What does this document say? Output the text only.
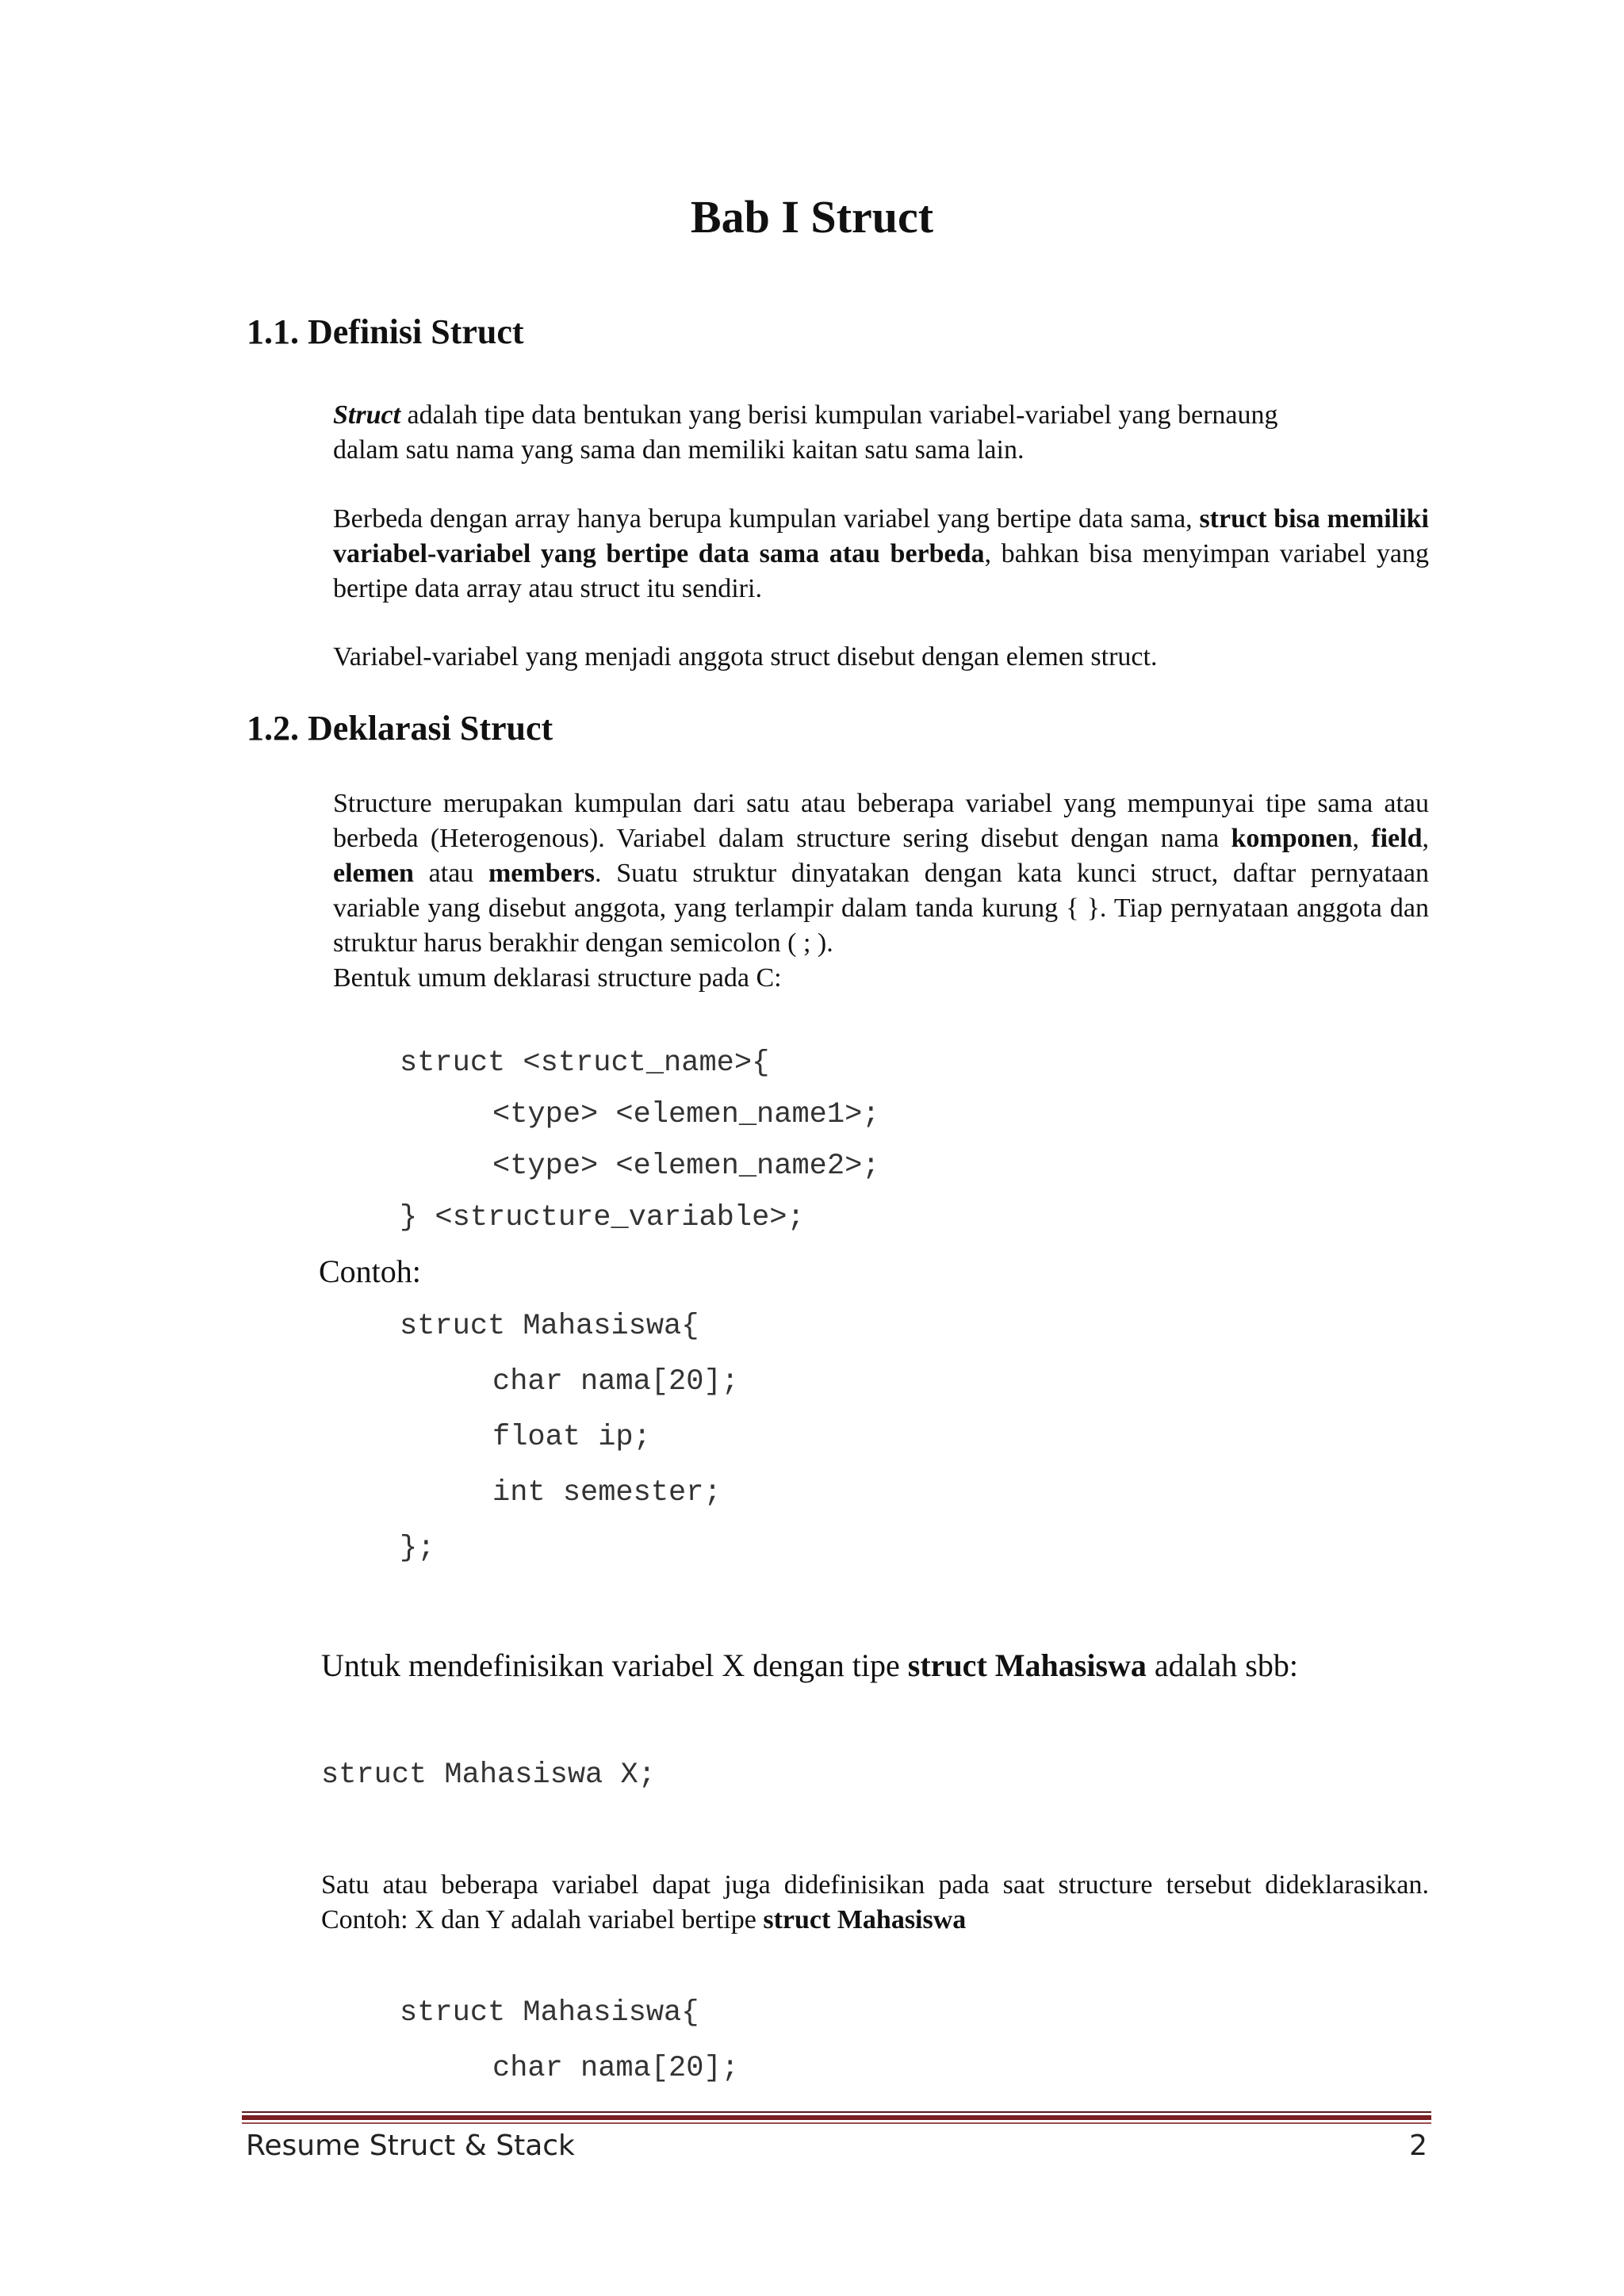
Bab I Struct
1.1. Definisi Struct

Struct adalah tipe data bentukan yang berisi kumpulan variabel-variabel yang bernaung
dalam satu nama yang sama dan memiliki kaitan satu sama lain.

Berbeda dengan array hanya berupa kumpulan variabel yang bertipe data sama, struct bisa memiliki variabel-variabel yang bertipe data sama atau berbeda, bahkan bisa menyimpan variabel yang bertipe data array atau struct itu sendiri.

Variabel-variabel yang menjadi anggota struct disebut dengan elemen struct.

1.2. Deklarasi Struct

Structure merupakan kumpulan dari satu atau beberapa variabel yang mempunyai tipe sama atau berbeda (Heterogenous). Variabel dalam structure sering disebut dengan nama komponen, field, elemen atau members. Suatu struktur dinyatakan dengan kata kunci struct, daftar pernyataan variable yang disebut anggota, yang terlampir dalam tanda kurung { }. Tiap pernyataan anggota dan struktur harus berakhir dengan semicolon ( ; ).
Bentuk umum deklarasi structure pada C:

struct <struct_name>{
<type> <elemen_name1>;
<type> <elemen_name2>;
} <structure_variable>;

Contoh:

struct Mahasiswa{
char nama[20];
float ip;
int semester;
};

Untuk mendefinisikan variabel X dengan tipe struct Mahasiswa adalah sbb:

struct Mahasiswa X;

Satu atau beberapa variabel dapat juga didefinisikan pada saat structure tersebut dideklarasikan. Contoh: X dan Y adalah variabel bertipe struct Mahasiswa

struct Mahasiswa{
char nama[20];

Resume Struct & Stack	2
